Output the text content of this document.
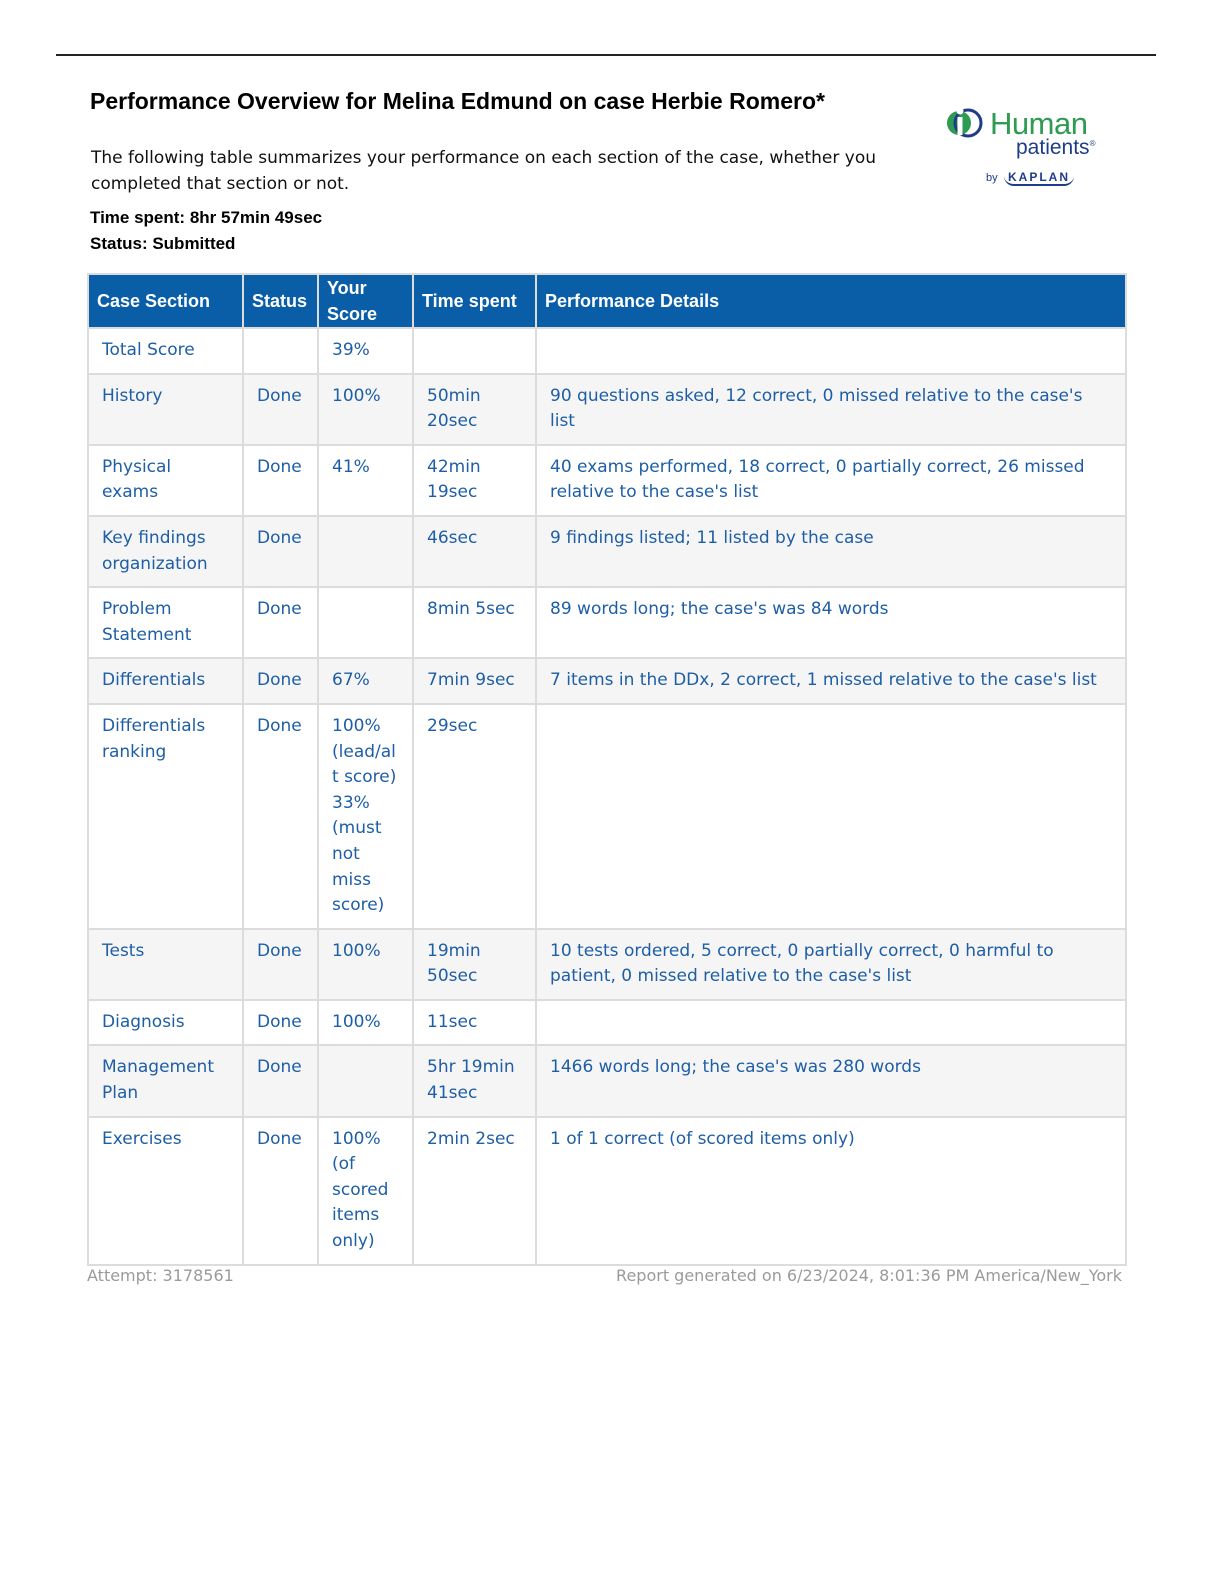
Performance Overview for Melina Edmund on case Herbie Romero*

The following table summarizes your performance on each section of the case, whether you completed that section or not.

Time spent: 8hr 57min 49sec

Status: Submitted

Human
patients®
by KAPLAN
Case Section	Status	Your Score	Time spent	Performance Details
Total Score		39%		
History	Done	100%	50min 20sec	90 questions asked, 12 correct, 0 missed relative to the case's list
Physical exams	Done	41%	42min 19sec	40 exams performed, 18 correct, 0 partially correct, 26 missed relative to the case's list
Key findings organization	Done		46sec	9 findings listed; 11 listed by the case
Problem Statement	Done		8min 5sec	89 words long; the case's was 84 words
Differentials	Done	67%	7min 9sec	7 items in the DDx, 2 correct, 1 missed relative to the case's list
Differentials ranking	Done	100% (lead/alt score) 33% (must not miss score)	29sec	
Tests	Done	100%	19min 50sec	10 tests ordered, 5 correct, 0 partially correct, 0 harmful to patient, 0 missed relative to the case's list
Diagnosis	Done	100%	11sec	
Management Plan	Done		5hr 19min 41sec	1466 words long; the case's was 280 words
Exercises	Done	100% (of scored items only)	2min 2sec	1 of 1 correct (of scored items only)

Attempt: 3178561	Report generated on 6/23/2024, 8:01:36 PM America/New_York
